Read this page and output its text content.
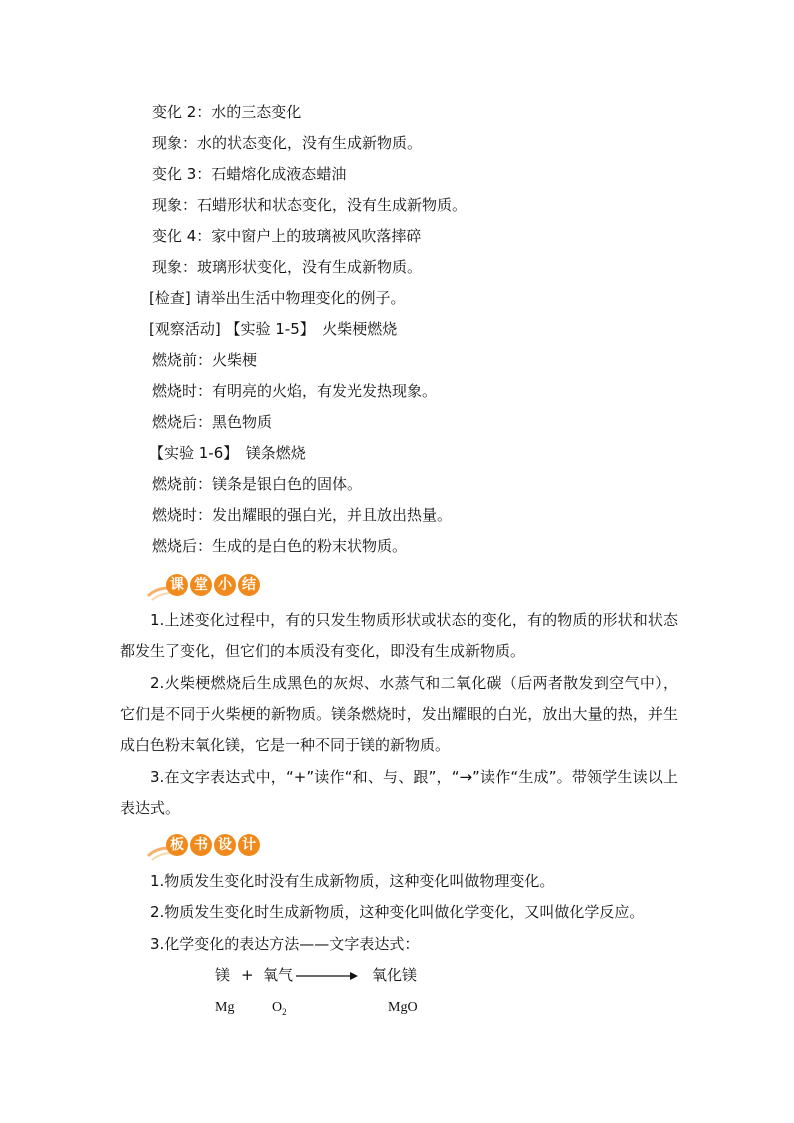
变化 2：水的三态变化
现象：水的状态变化，没有生成新物质。
变化 3：石蜡熔化成液态蜡油
现象：石蜡形状和状态变化，没有生成新物质。
变化 4：家中窗户上的玻璃被风吹落摔碎
现象：玻璃形状变化，没有生成新物质。
[检查] 请举出生活中物理变化的例子。
[观察活动] 【实验 1-5】　火柴梗燃烧
燃烧前：火柴梗
燃烧时：有明亮的火焰，有发光发热现象。
燃烧后：黑色物质
【实验 1-6】　镁条燃烧
燃烧前：镁条是银白色的固体。
燃烧时：发出耀眼的强白光，并且放出热量。
燃烧后：生成的是白色的粉末状物质。
课 堂 小 结
1.上述变化过程中，有的只发生物质形状或状态的变化，有的物质的形状和状态都发生了变化，但它们的本质没有变化，即没有生成新物质。
2.火柴梗燃烧后生成黑色的灰烬、水蒸气和二氧化碳（后两者散发到空气中），它们是不同于火柴梗的新物质。镁条燃烧时，发出耀眼的白光，放出大量的热，并生成白色粉末氧化镁，它是一种不同于镁的新物质。
3.在文字表达式中，“+”读作“和、与、跟”，“→”读作“生成”。带领学生读以上表达式。
板 书 设 计
1.物质发生变化时没有生成新物质，这种变化叫做物理变化。
2.物质发生变化时生成新物质，这种变化叫做化学变化，又叫做化学反应。
3.化学变化的表达方法——文字表达式：
镁 + 氧气	氧化镁
Mg	$O_2$	MgO
